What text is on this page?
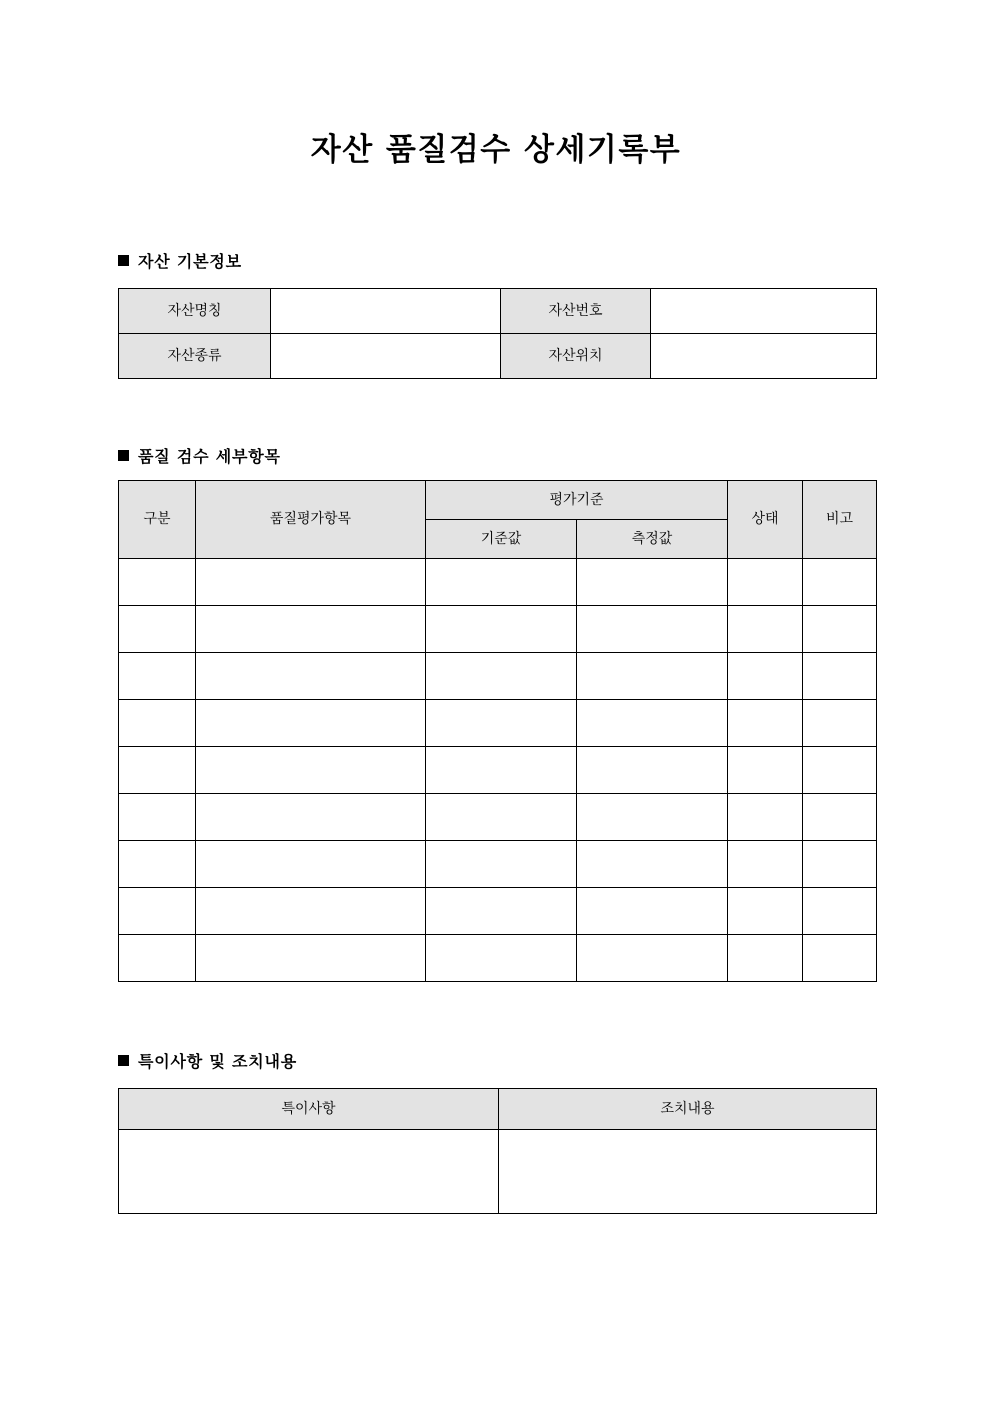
자산 품질검수 상세기록부
자산 기본정보
자산명칭		자산번호	
자산종류		자산위치	
품질 검수 세부항목
구분	품질평가항목	평가기준		상태	비고
		기준값	측정값		

특이사항 및 조치내용
특이사항	조치내용
